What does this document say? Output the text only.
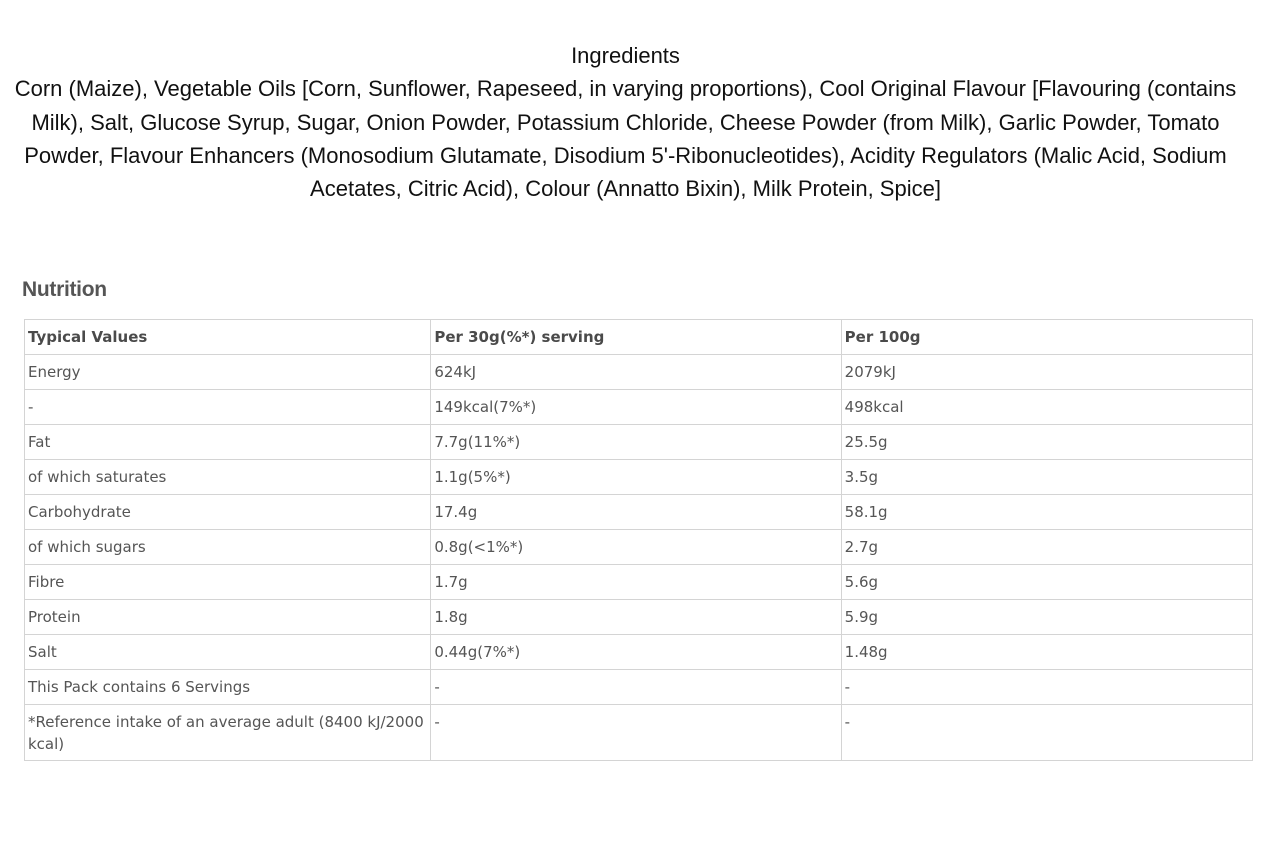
Ingredients
Corn (Maize), Vegetable Oils [Corn, Sunflower, Rapeseed, in varying proportions), Cool Original Flavour [Flavouring (contains Milk), Salt, Glucose Syrup, Sugar, Onion Powder, Potassium Chloride, Cheese Powder (from Milk), Garlic Powder, Tomato Powder, Flavour Enhancers (Monosodium Glutamate, Disodium 5'-Ribonucleotides), Acidity Regulators (Malic Acid, Sodium Acetates, Citric Acid), Colour (Annatto Bixin), Milk Protein, Spice]
Nutrition
Typical Values	Per 30g(%*) serving	Per 100g
Energy	624kJ	2079kJ
-	149kcal(7%*)	498kcal
Fat	7.7g(11%*)	25.5g
of which saturates	1.1g(5%*)	3.5g
Carbohydrate	17.4g	58.1g
of which sugars	0.8g(<1%*)	2.7g
Fibre	1.7g	5.6g
Protein	1.8g	5.9g
Salt	0.44g(7%*)	1.48g
This Pack contains 6 Servings	-	-
*Reference intake of an average adult (8400 kJ/2000 kcal)	-	-
